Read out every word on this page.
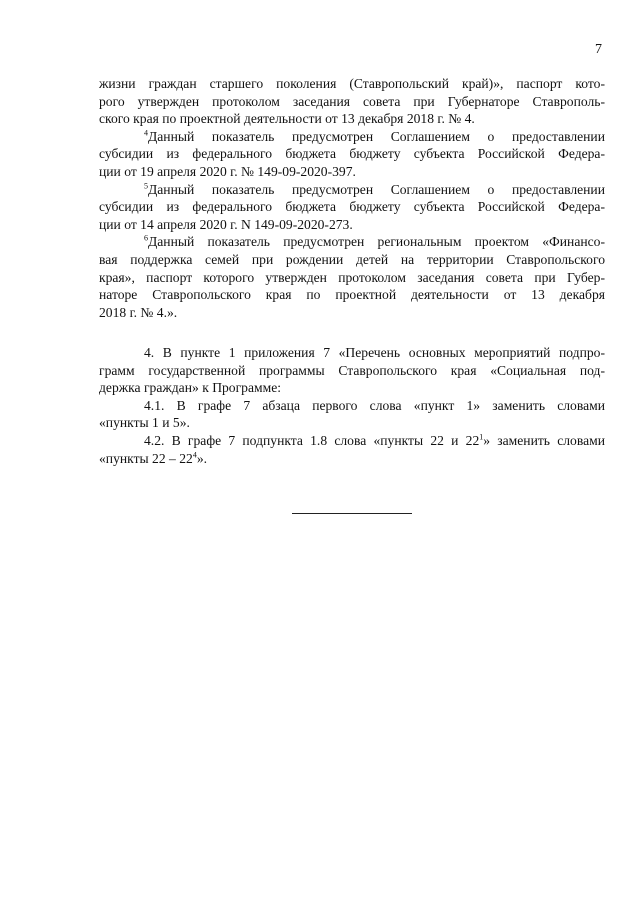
7

жизни граждан старшего поколения (Ставропольский край)», паспорт кото-

рого утвержден протоколом заседания совета при Губернаторе Ставрополь-

ского края по проектной деятельности от 13 декабря 2018 г. № 4.

$^4$Данный показатель предусмотрен Соглашением о предоставлении

субсидии из федерального бюджета бюджету субъекта Российской Федера-

ции от 19 апреля 2020 г. № 149-09-2020-397.

$^5$Данный показатель предусмотрен Соглашением о предоставлении

субсидии из федерального бюджета бюджету субъекта Российской Федера-

ции от 14 апреля 2020 г. N 149-09-2020-273.

$^6$Данный показатель предусмотрен региональным проектом «Финансо-

вая поддержка семей при рождении детей на территории Ставропольского

края», паспорт которого утвержден протоколом заседания совета при Губер-

наторе Ставропольского края по проектной деятельности от 13 декабря

2018 г. № 4.».

4. В пункте 1 приложения 7 «Перечень основных мероприятий подпро-

грамм государственной программы Ставропольского края «Социальная под-

держка граждан» к Программе:

4.1. В графе 7 абзаца первого слова «пункт 1» заменить словами

«пункты 1 и 5».

4.2. В графе 7 подпункта 1.8 слова «пункты 22 и $22^1$» заменить словами

«пункты $22 - 22^4$».
